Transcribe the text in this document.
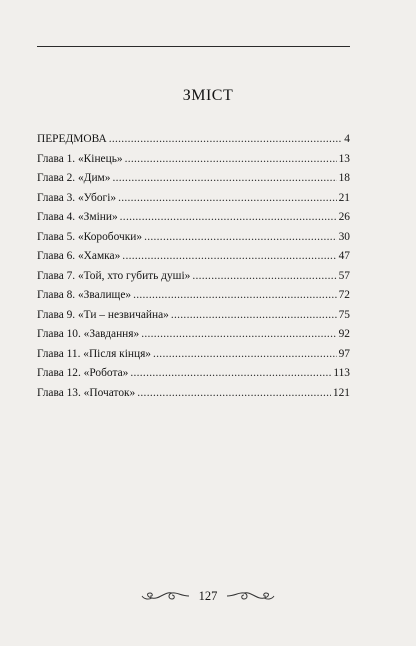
ЗМІСТ
ПЕРЕДМОВА .....	4
Глава 1. «Кінець» .....	13
Глава 2. «Дим» .....	18
Глава 3. «Убогі» .....	21
Глава 4. «Зміни» .....	26
Глава 5. «Коробочки» .....	30
Глава 6. «Хамка» .....	47
Глава 7. «Той, хто губить душі» .....	57
Глава 8. «Звалище» .....	72
Глава 9. «Ти – незвичайна» .....	75
Глава 10. «Завдання» .....	92
Глава 11. «Після кінця» .....	97
Глава 12. «Робота» .....	113
Глава 13. «Початок» .....	121
127
